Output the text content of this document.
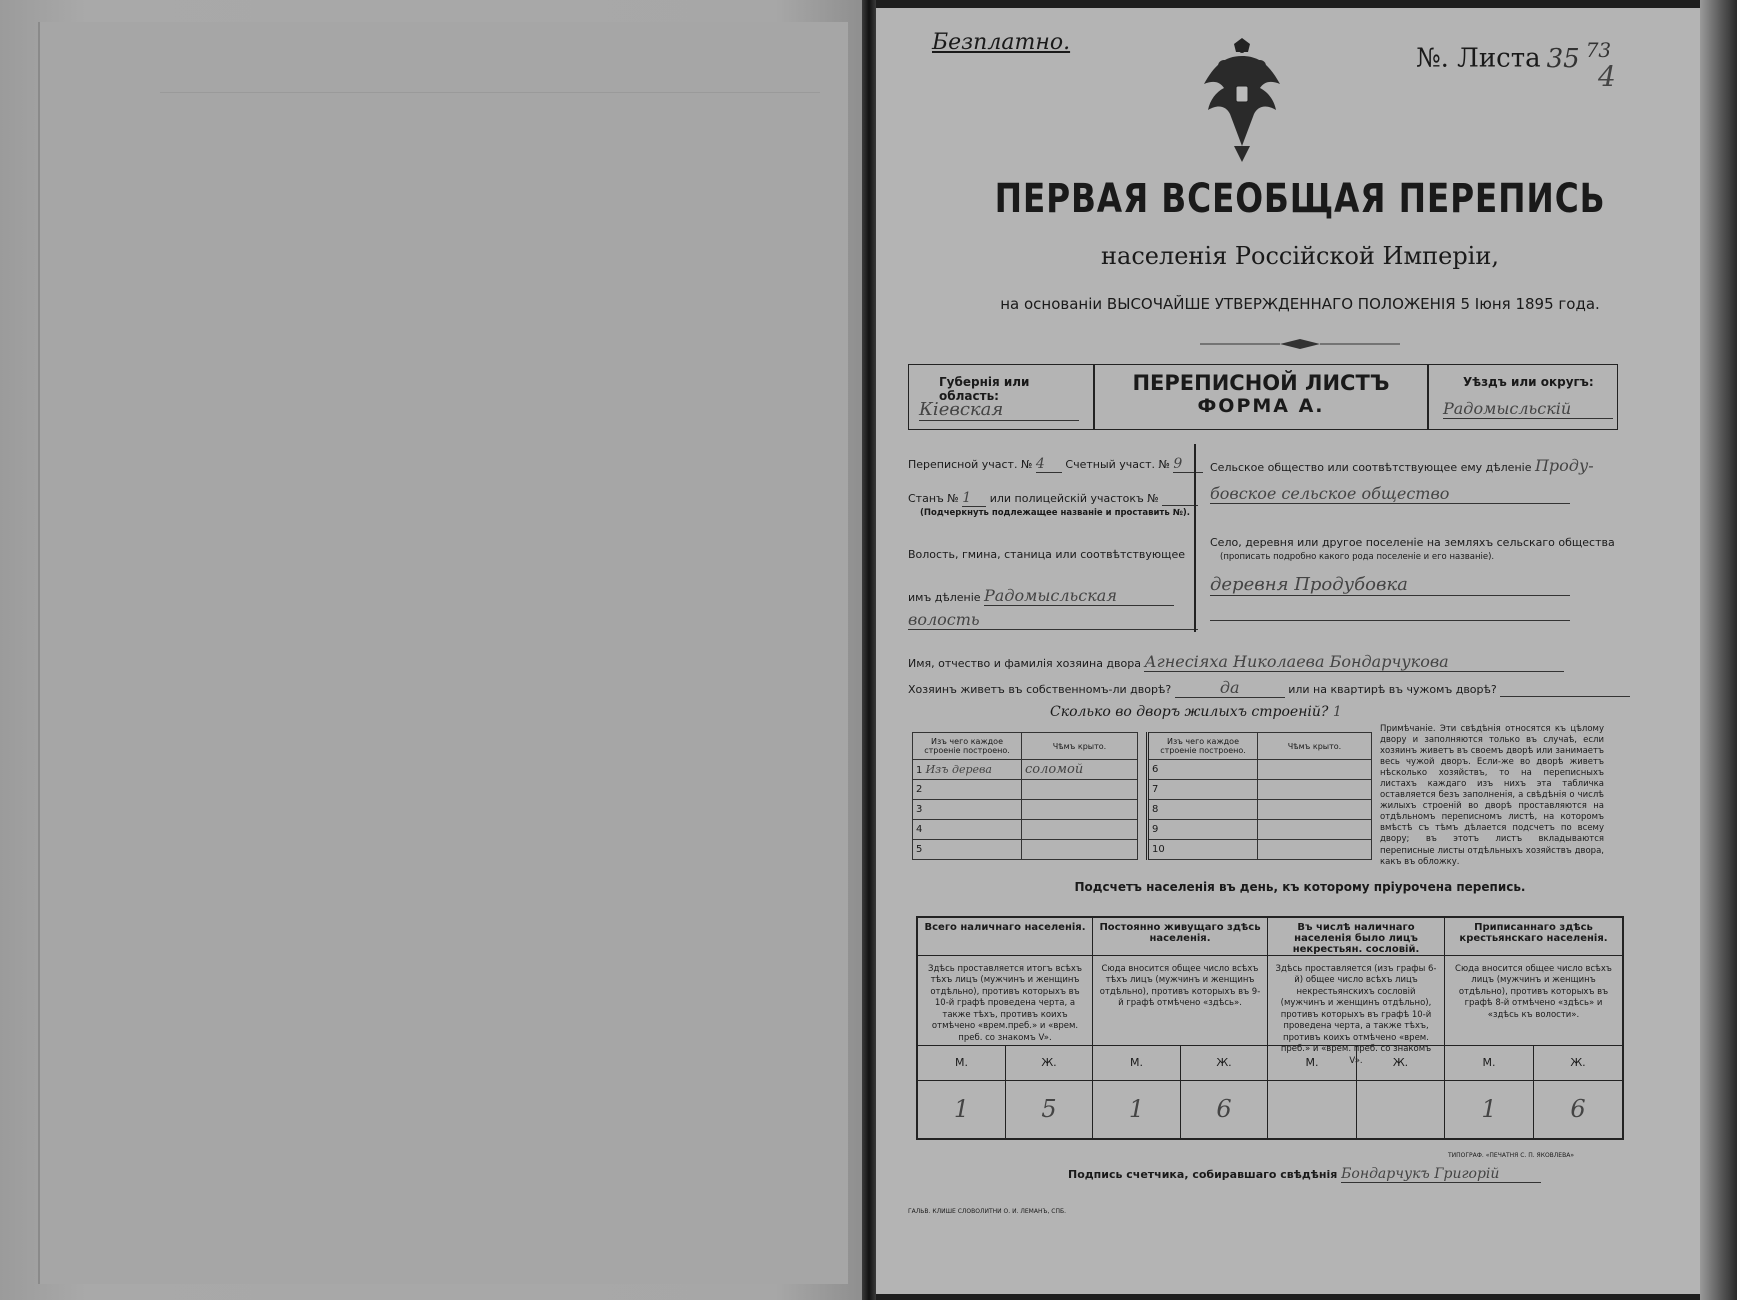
Безплатно.
№. Листа 35 $^{73}$
4
ПЕРВАЯ ВСЕОБЩАЯ ПЕРЕПИСЬ
населенія Россійской Имперіи,
на основаніи ВЫСОЧАЙШЕ УТВЕРЖДЕННАГО ПОЛОЖЕНІЯ 5 Іюня 1895 года.
Губернія или область:
Кіевская
ПЕРЕПИСНОЙ ЛИСТЪ
ФОРМА А.
Уѣздъ или округъ:
Радомысльскій
Переписной участ. № 4 Счетный участ. № 9
Станъ № 1 или полицейскій участокъ №
(Подчеркнуть подлежащее названіе и проставить №).
Волость, гмина, станица или соотвѣтствующее
имъ дѣленіе Радомысльская
волость
Сельское общество или соотвѣтствующее ему дѣленіе Проду-
бовское сельское общество
Село, деревня или другое поселеніе на земляхъ сельскаго общества
(прописать подробно какого рода поселеніе и его названіе).
деревня Продубовка
Имя, отчество и фамилія хозяина двора Агнесіяха Николаева Бондарчукова
Хозяинъ живетъ въ собственномъ-ли дворѣ?	да	или на квартирѣ въ чужомъ дворѣ?
Сколько во дворъ жилыхъ строеній? 1
Изъ чего каждое строеніе построено.	Чѣмъ крыто.
1 Изъ дерева	соломой
2	
3	
4	
5	
Изъ чего каждое строеніе построено.	Чѣмъ крыто.
6	
7	
8	
9	
10	
Примѣчаніе. Эти свѣдѣнія относятся къ цѣлому двору и заполняются только въ случаѣ, если хозяинъ живетъ въ своемъ дворѣ или занимаетъ весь чужой дворъ. Если-же во дворѣ живетъ нѣсколько хозяйствъ, то на переписныхъ листахъ каждаго изъ нихъ эта табличка оставляется безъ заполненія, а свѣдѣнія о числѣ жилыхъ строеній во дворѣ проставляются на отдѣльномъ переписномъ листѣ, на которомъ вмѣстѣ съ тѣмъ дѣлается подсчетъ по всему двору; въ этотъ листъ вкладываются переписные листы отдѣльныхъ хозяйствъ двора, какъ въ обложку.
Подсчетъ населенія въ день, къ которому пріурочена перепись.
Всего наличнаго населенія.
Здѣсь проставляется итогъ всѣхъ тѣхъ лицъ (мужчинъ и женщинъ отдѣльно), противъ которыхъ въ 10-й графѣ проведена черта, а также тѣхъ, противъ коихъ отмѣчено «врем.преб.» и «врем. преб. со знакомъ V».
М.	Ж.
1	5
Постоянно живущаго здѣсь населенія.
Сюда вносится общее число всѣхъ тѣхъ лицъ (мужчинъ и женщинъ отдѣльно), противъ которыхъ въ 9-й графѣ отмѣчено «здѣсь».
М.	Ж.
1	6
Въ числѣ наличнаго населенія было лицъ некрестьян. сословій.
Здѣсь проставляется (изъ графы 6-й) общее число всѣхъ лицъ некрестьянскихъ сословій (мужчинъ и женщинъ отдѣльно), противъ которыхъ въ графѣ 10-й проведена черта, а также тѣхъ, противъ коихъ отмѣчено «врем. преб.» и «врем. преб. со знакомъ V».
М.	Ж.
Приписаннаго здѣсь крестьянскаго населенія.
Сюда вносится общее число всѣхъ лицъ (мужчинъ и женщинъ отдѣльно), противъ которыхъ въ графѣ 8-й отмѣчено «здѣсь» и «здѣсь къ волости».
М.	Ж.
1	6
Подпись счетчика, собиравшаго свѣдѣнія Бондарчукъ Григорій
ГАЛЬВ. КЛИШЕ СЛОВОЛИТНИ О. И. ЛЕМАНЪ, СПБ.
ТИПОГРАФ. «ПЕЧАТНЯ С. П. ЯКОВЛЕВА»
